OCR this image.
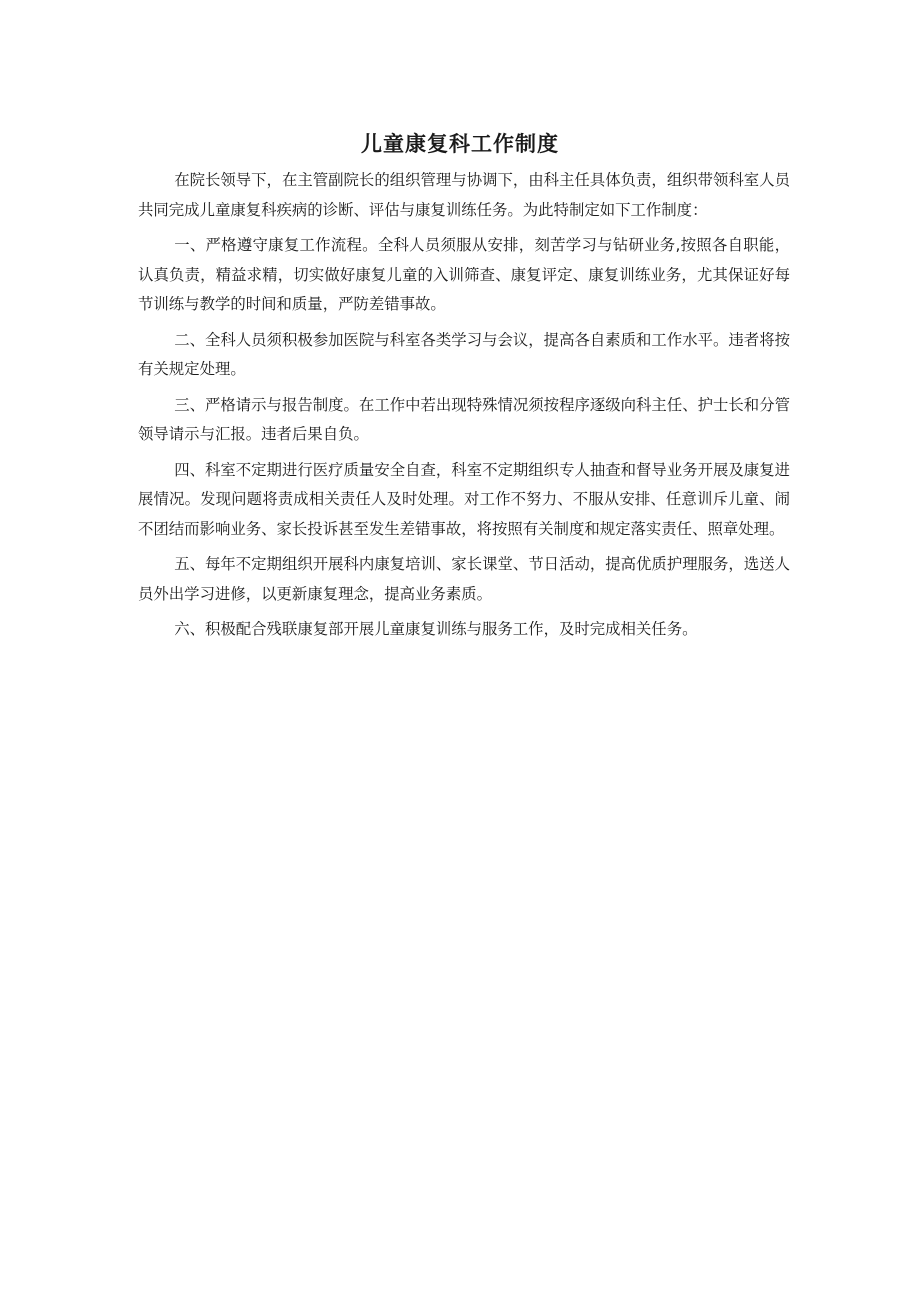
儿童康复科工作制度

在院长领导下，在主管副院长的组织管理与协调下，由科主任具体负责，组织带领科室人员共同完成儿童康复科疾病的诊断、评估与康复训练任务。为此特制定如下工作制度：

一、严格遵守康复工作流程。全科人员须服从安排，刻苦学习与钻研业务,按照各自职能，认真负责，精益求精，切实做好康复儿童的入训筛查、康复评定、康复训练业务，尤其保证好每节训练与教学的时间和质量，严防差错事故。

二、全科人员须积极参加医院与科室各类学习与会议，提高各自素质和工作水平。违者将按有关规定处理。

三、严格请示与报告制度。在工作中若出现特殊情况须按程序逐级向科主任、护士长和分管领导请示与汇报。违者后果自负。

四、科室不定期进行医疗质量安全自查，科室不定期组织专人抽查和督导业务开展及康复进展情况。发现问题将责成相关责任人及时处理。对工作不努力、不服从安排、任意训斥儿童、闹不团结而影响业务、家长投诉甚至发生差错事故，将按照有关制度和规定落实责任、照章处理。

五、每年不定期组织开展科内康复培训、家长课堂、节日活动，提高优质护理服务，选送人员外出学习进修，以更新康复理念，提高业务素质。

六、积极配合残联康复部开展儿童康复训练与服务工作，及时完成相关任务。
